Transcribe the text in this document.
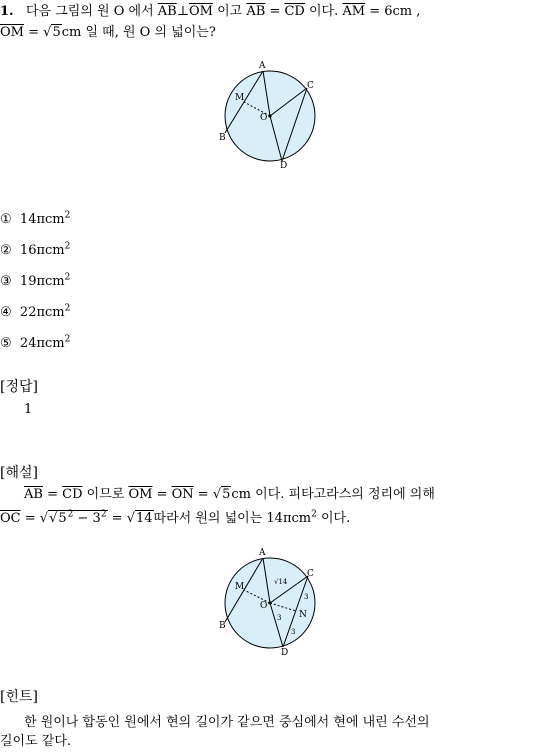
1. 다음 그림의 원 O 에서 $\overline{AB}\perp\overline{OM}$ 이고 $\overline{AB} = \overline{CD}$ 이다. $\overline{AM} = 6cm$ ,
$\overline{OM} = √5cm$ 일 때, 원 O 의 넓이는?
A
C
M
O
B
D
① 14πcm$^2$
② 16πcm$^2$
③ 19πcm$^2$
④ 22πcm$^2$
⑤ 24πcm$^2$
[정답]
1
[해설]
$\overline{AB} = \overline{CD}$ 이므로 $\overline{OM} = \overline{ON} = √5cm$ 이다. 피타고라스의 정리에 의해
$\overline{OC} = √√5^2 - 3^2 = √14$따라서 원의 넓이는 14πcm$^2$ 이다.
A
C
M
O
N
B
D
√14
3
3
3
[힌트]
한 원이나 합동인 원에서 현의 길이가 같으면 중심에서 현에 내린 수선의
길이도 같다.
